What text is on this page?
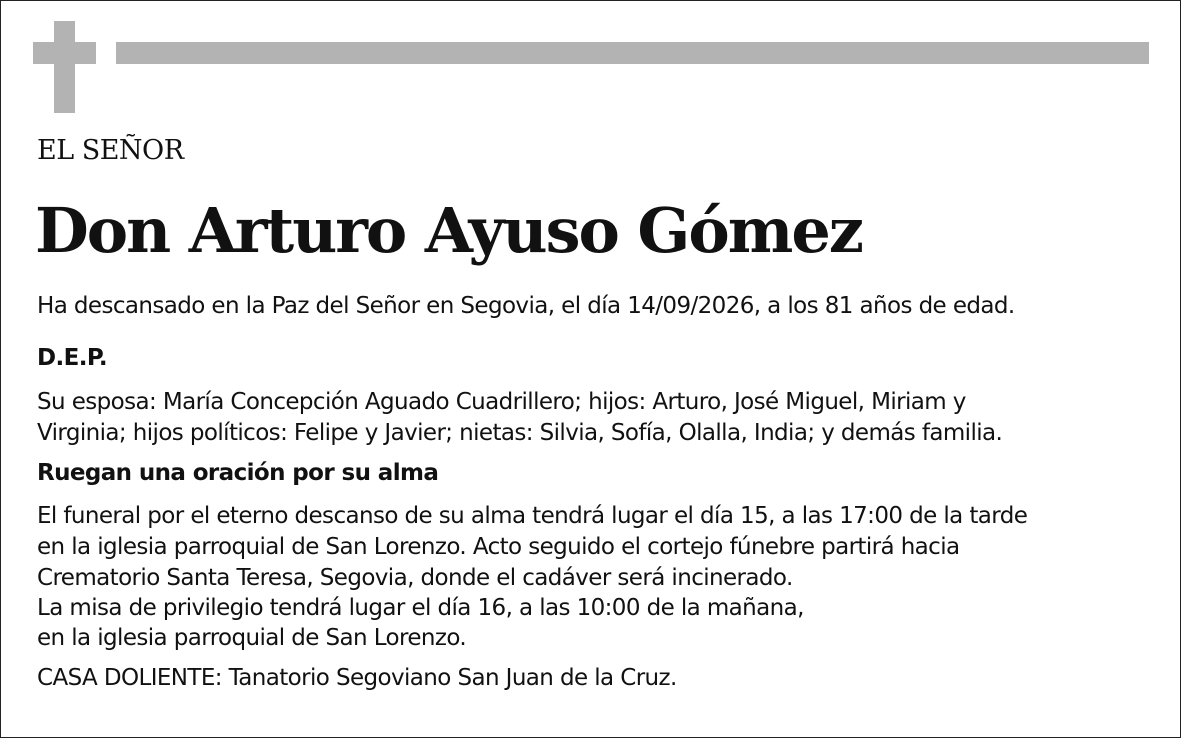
EL SEÑOR

Don Arturo Ayuso Gómez

Ha descansado en la Paz del Señor en Segovia, el día 14/09/2026, a los 81 años de edad.

D.E.P.

Su esposa: María Concepción Aguado Cuadrillero; hijos: Arturo, José Miguel, Miriam y

Virginia; hijos políticos: Felipe y Javier; nietas: Silvia, Sofía, Olalla, India; y demás familia.

Ruegan una oración por su alma

El funeral por el eterno descanso de su alma tendrá lugar el día 15, a las 17:00 de la tarde

en la iglesia parroquial de San Lorenzo. Acto seguido el cortejo fúnebre partirá hacia

Crematorio Santa Teresa, Segovia, donde el cadáver será incinerado.

La misa de privilegio tendrá lugar el día 16, a las 10:00 de la mañana,

en la iglesia parroquial de San Lorenzo.

CASA DOLIENTE: Tanatorio Segoviano San Juan de la Cruz.
